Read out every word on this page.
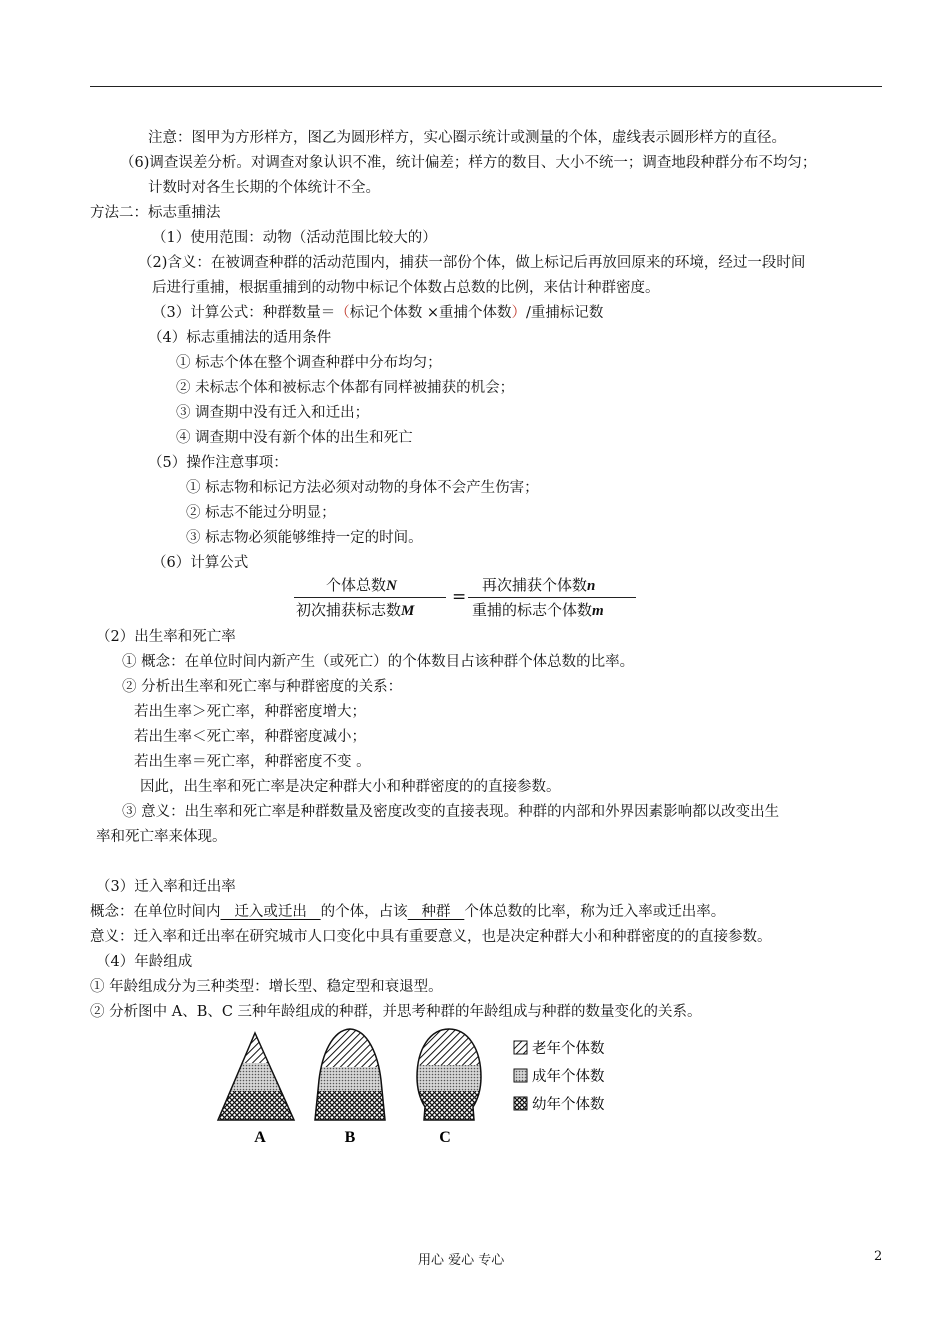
注意：图甲为方形样方，图乙为圆形样方，实心圈示统计或测量的个体，虚线表示圆形样方的直径。
（6)调查误差分析。对调查对象认识不准，统计偏差；样方的数目、大小不统一；调查地段种群分布不均匀；
计数时对各生长期的个体统计不全。
方法二：标志重捕法
（1）使用范围：动物（活动范围比较大的）
（2)含义：在被调查种群的活动范围内，捕获一部份个体，做上标记后再放回原来的环境，经过一段时间
后进行重捕，根据重捕到的动物中标记个体数占总数的比例，来估计种群密度。
（3）计算公式：种群数量＝（标记个体数 ×重捕个体数）/重捕标记数
（4）标志重捕法的适用条件
① 标志个体在整个调查种群中分布均匀；
② 未标志个体和被标志个体都有同样被捕获的机会；
③ 调查期中没有迁入和迁出；
④ 调查期中没有新个体的出生和死亡
（5）操作注意事项：
① 标志物和标记方法必须对动物的身体不会产生伤害；
② 标志不能过分明显；
③ 标志物必须能够维持一定的时间。
（6）计算公式
个体总数N
初次捕获标志数M
=
再次捕获个体数n
重捕的标志个体数m
（2）出生率和死亡率
① 概念：在单位时间内新产生（或死亡）的个体数目占该种群个体总数的比率。
② 分析出生率和死亡率与种群密度的关系：
若出生率＞死亡率，种群密度增大；
若出生率＜死亡率，种群密度减小；
若出生率＝死亡率，种群密度不变 。
因此，出生率和死亡率是决定种群大小和种群密度的的直接参数。
③ 意义：出生率和死亡率是种群数量及密度改变的直接表现。种群的内部和外界因素影响都以改变出生
率和死亡率来体现。
（3）迁入率和迁出率
概念：在单位时间内   迁入或迁出   的个体，占该   种群   个体总数的比率，称为迁入率或迁出率。
意义：迁入率和迁出率在研究城市人口变化中具有重要意义，也是决定种群大小和种群密度的的直接参数。
（4）年龄组成
① 年龄组成分为三种类型：增长型、稳定型和衰退型。
② 分析图中 A、B、C 三种年龄组成的种群，并思考种群的年龄组成与种群的数量变化的关系。
A	B	C
老年个体数
成年个体数
幼年个体数
用心 爱心 专心	2
